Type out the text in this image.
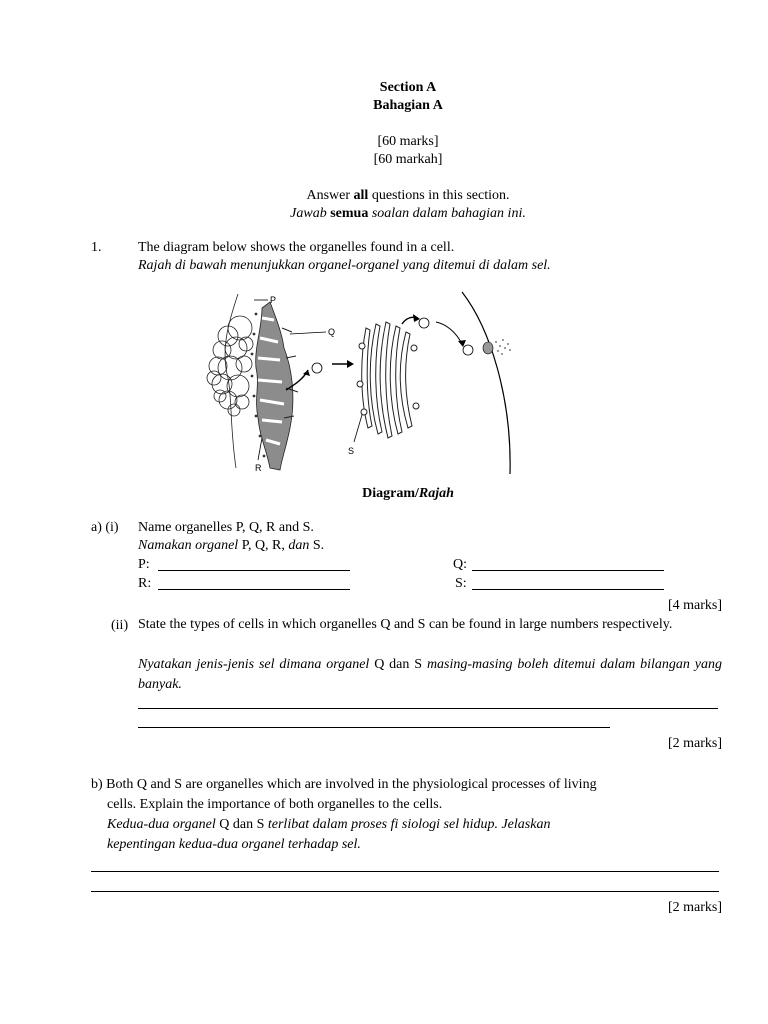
Section A
Bahagian A
[60 marks]
[60 markah]
Answer all questions in this section.
Jawab semua soalan dalam bahagian ini.
1.	The diagram below shows the organelles found in a cell.
Rajah di bawah menunjukkan organel-organel yang ditemui di dalam sel.
P
Q
R
S
Diagram/Rajah
a) (i) Name organelles P, Q, R and S.
Namakan organel P, Q, R, dan S.
P:	Q:
R:	S:
[4 marks]
(ii) State the types of cells in which organelles Q and S can be found in large numbers respectively.
Nyatakan jenis-jenis sel dimana organel Q dan S masing-masing boleh ditemui dalam bilangan yang banyak.
[2 marks]
b) Both Q and S are organelles which are involved in the physiological processes of living
cells. Explain the importance of both organelles to the cells.
Kedua-dua organel Q dan S terlibat dalam proses fi siologi sel hidup. Jelaskan
kepentingan kedua-dua organel terhadap sel.
[2 marks]
